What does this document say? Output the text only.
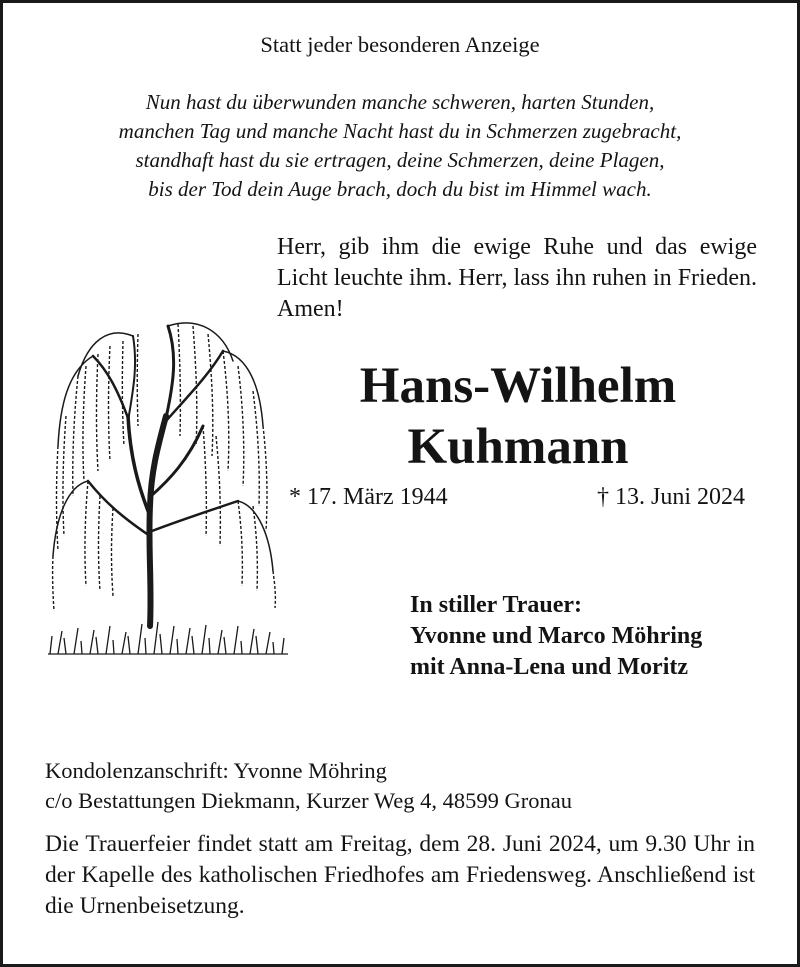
Statt jeder besonderen Anzeige
Nun hast du überwunden manche schweren, harten Stunden,
manchen Tag und manche Nacht hast du in Schmerzen zugebracht,
standhaft hast du sie ertragen, deine Schmerzen, deine Plagen,
bis der Tod dein Auge brach, doch du bist im Himmel wach.
Herr, gib ihm die ewige Ruhe und das ewige Licht leuchte ihm. Herr, lass ihn ruhen in Frieden. Amen!
Hans-Wilhelm
Kuhmann
* 17. März 1944	† 13. Juni 2024
In stiller Trauer:
Yvonne und Marco Möhring
mit Anna-Lena und Moritz
Kondolenzanschrift: Yvonne Möhring
c/o Bestattungen Diekmann, Kurzer Weg 4, 48599 Gronau
Die Trauerfeier findet statt am Freitag, dem 28. Juni 2024, um 9.30 Uhr in der Kapelle des katholischen Friedhofes am Friedensweg. Anschließend ist die Urnenbeisetzung.
